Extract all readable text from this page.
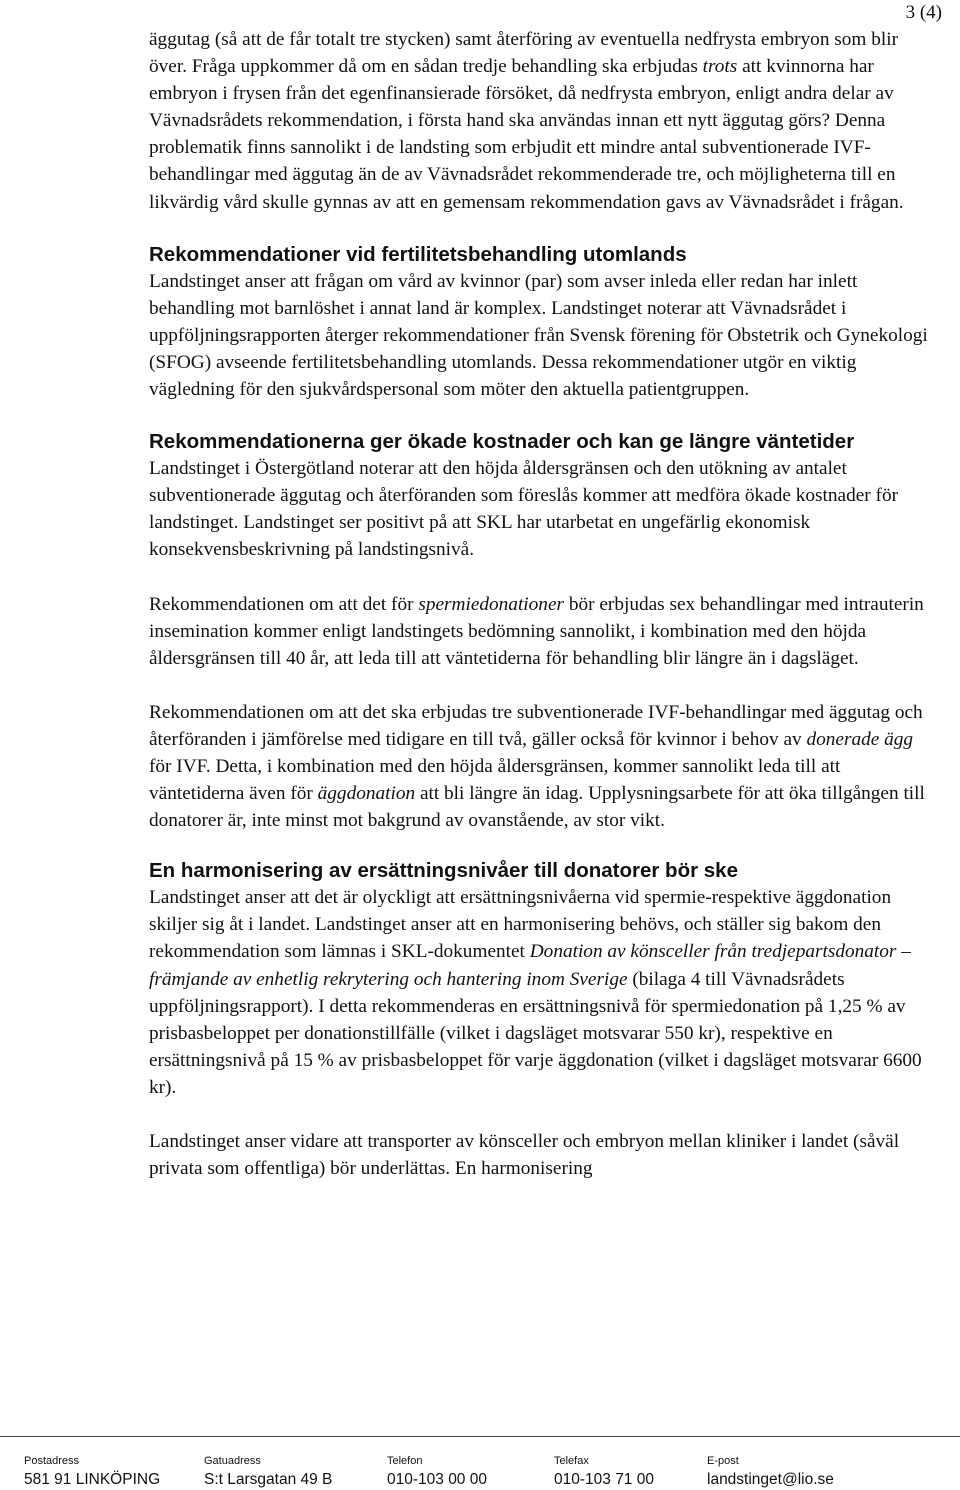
3 (4)

äggutag (så att de får totalt tre stycken) samt återföring av eventuella nedfrysta embryon som blir över. Fråga uppkommer då om en sådan tredje behandling ska erbjudas trots att kvinnorna har embryon i frysen från det egenfinansierade försöket, då nedfrysta embryon, enligt andra delar av Vävnadsrådets rekommendation, i första hand ska användas innan ett nytt äggutag görs? Denna problematik finns sannolikt i de landsting som erbjudit ett mindre antal subventionerade IVF-behandlingar med äggutag än de av Vävnadsrådet rekommenderade tre, och möjligheterna till en likvärdig vård skulle gynnas av att en gemensam rekommendation gavs av Vävnadsrådet i frågan.

Rekommendationer vid fertilitetsbehandling utomlands

Landstinget anser att frågan om vård av kvinnor (par) som avser inleda eller redan har inlett behandling mot barnlöshet i annat land är komplex. Landstinget noterar att Vävnadsrådet i uppföljningsrapporten återger rekommendationer från Svensk förening för Obstetrik och Gynekologi (SFOG) avseende fertilitetsbehandling utomlands. Dessa rekommendationer utgör en viktig vägledning för den sjukvårdspersonal som möter den aktuella patientgruppen.

Rekommendationerna ger ökade kostnader och kan ge längre väntetider

Landstinget i Östergötland noterar att den höjda åldersgränsen och den utökning av antalet subventionerade äggutag och återföranden som föreslås kommer att medföra ökade kostnader för landstinget. Landstinget ser positivt på att SKL har utarbetat en ungefärlig ekonomisk konsekvensbeskrivning på landstingsnivå.

Rekommendationen om att det för spermiedonationer bör erbjudas sex behandlingar med intrauterin insemination kommer enligt landstingets bedömning sannolikt, i kombination med den höjda åldersgränsen till 40 år, att leda till att väntetiderna för behandling blir längre än i dagsläget.

Rekommendationen om att det ska erbjudas tre subventionerade IVF-behandlingar med äggutag och återföranden i jämförelse med tidigare en till två, gäller också för kvinnor i behov av donerade ägg för IVF. Detta, i kombination med den höjda åldersgränsen, kommer sannolikt leda till att väntetiderna även för äggdonation att bli längre än idag. Upplysningsarbete för att öka tillgången till donatorer är, inte minst mot bakgrund av ovanstående, av stor vikt.

En harmonisering av ersättningsnivåer till donatorer bör ske

Landstinget anser att det är olyckligt att ersättningsnivåerna vid spermie-respektive äggdonation skiljer sig åt i landet. Landstinget anser att en harmonisering behövs, och ställer sig bakom den rekommendation som lämnas i SKL-dokumentet Donation av könsceller från tredjepartsdonator – främjande av enhetlig rekrytering och hantering inom Sverige (bilaga 4 till Vävnadsrådets uppföljningsrapport). I detta rekommenderas en ersättningsnivå för spermiedonation på 1,25 % av prisbasbeloppet per donationstillfälle (vilket i dagsläget motsvarar 550 kr), respektive en ersättningsnivå på 15 % av prisbasbeloppet för varje äggdonation (vilket i dagsläget motsvarar 6600 kr).

Landstinget anser vidare att transporter av könsceller och embryon mellan kliniker i landet (såväl privata som offentliga) bör underlättas. En harmonisering

Postadress
581 91 LINKÖPING
Gatuadress
S:t Larsgatan 49 B
Telefon
010-103 00 00
Telefax
010-103 71 00
E-post
landstinget@lio.se
